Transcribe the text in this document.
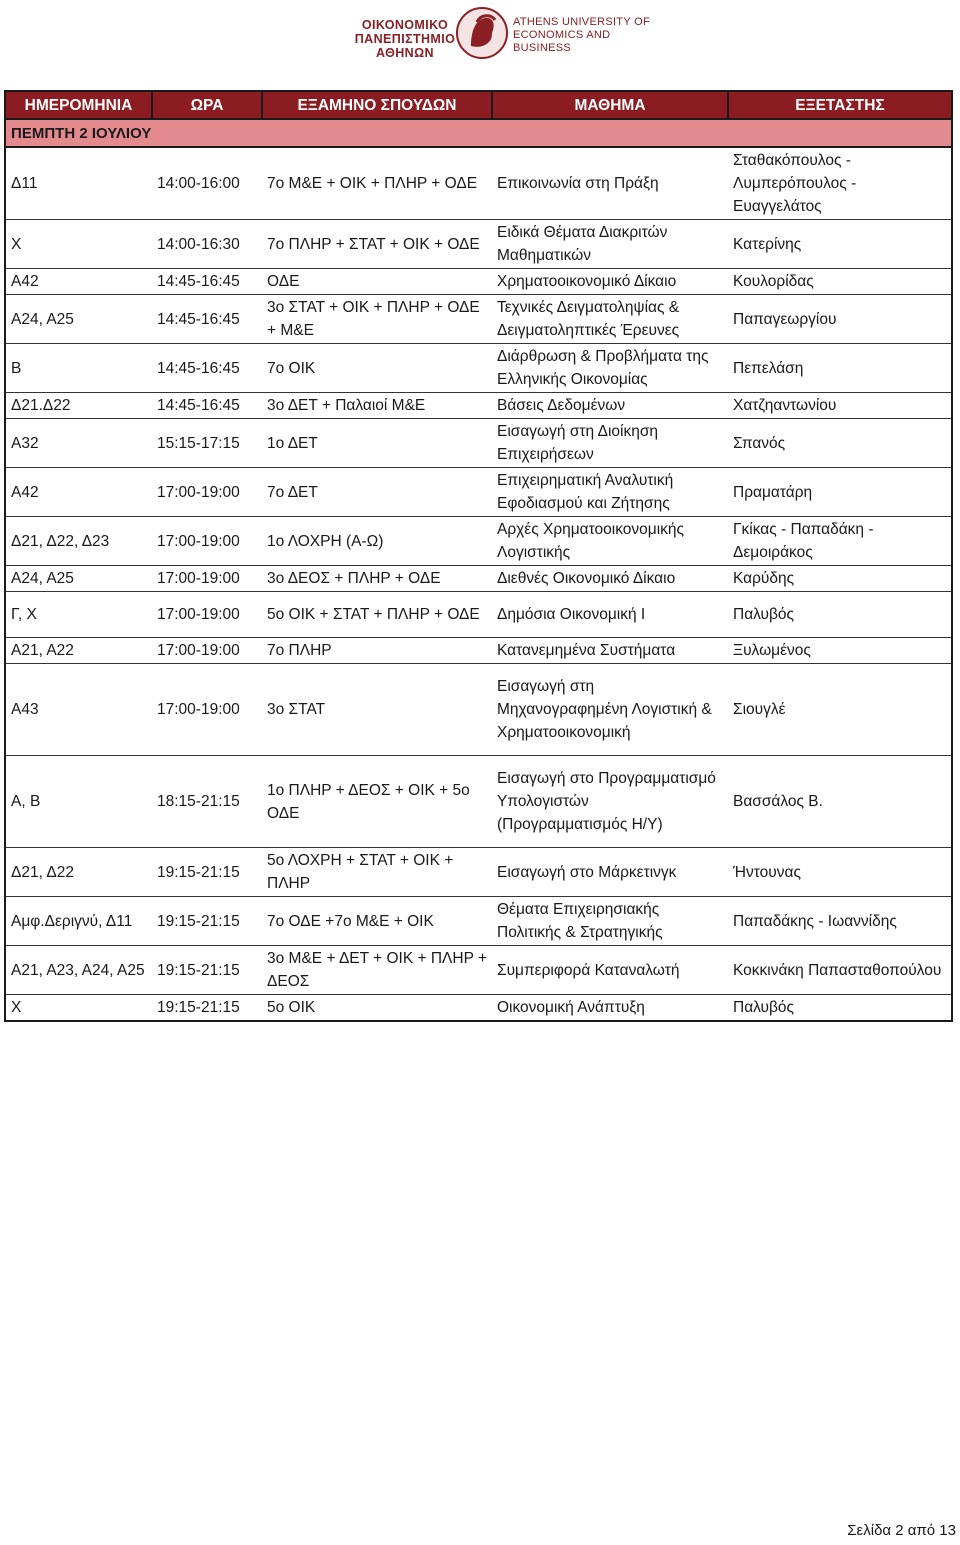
ΟΙΚΟΝΟΜΙΚΟ ΠΑΝΕΠΙΣΤΗΜΙΟ ΑΘΗΝΩΝ
ATHENS UNIVERSITY OF ECONOMICS AND BUSINESS
ΗΜΕΡΟΜΗΝΙΑ	ΩΡΑ	ΕΞΑΜΗΝΟ ΣΠΟΥΔΩΝ	ΜΑΘΗΜΑ	ΕΞΕΤΑΣΤΗΣ
ΠΕΜΠΤΗ 2 ΙΟΥΛΙΟΥ				
Δ11	14:00-16:00	7ο Μ&Ε + ΟΙΚ + ΠΛΗΡ + ΟΔΕ	Επικοινωνία στη Πράξη	Σταθακόπουλος - Λυμπερόπουλος - Ευαγγελάτος
Χ	14:00-16:30	7ο ΠΛΗΡ + ΣΤΑΤ + ΟΙΚ + ΟΔΕ	Ειδικά Θέματα Διακριτών Μαθηματικών	Κατερίνης
Α42	14:45-16:45	ΟΔΕ	Χρηματοοικονομικό Δίκαιο	Κουλορίδας
Α24, Α25	14:45-16:45	3ο ΣΤΑΤ + ΟΙΚ + ΠΛΗΡ + ΟΔΕ + Μ&Ε	Τεχνικές Δειγματοληψίας & Δειγματοληπτικές Έρευνες	Παπαγεωργίου
Β	14:45-16:45	7ο ΟΙΚ	Διάρθρωση & Προβλήματα της Ελληνικής Οικονομίας	Πεπελάση
Δ21.Δ22	14:45-16:45	3ο ΔΕΤ + Παλαιοί Μ&Ε	Βάσεις Δεδομένων	Χατζηαντωνίου
Α32	15:15-17:15	1ο ΔΕΤ	Εισαγωγή στη Διοίκηση Επιχειρήσεων	Σπανός
Α42	17:00-19:00	7ο ΔΕΤ	Επιχειρηματική Αναλυτική Εφοδιασμού και Ζήτησης	Πραματάρη
Δ21, Δ22, Δ23	17:00-19:00	1ο ΛΟΧΡΗ (Α-Ω)	Αρχές Χρηματοοικονομικής Λογιστικής	Γκίκας - Παπαδάκη - Δεμοιράκος
Α24, Α25	17:00-19:00	3ο ΔΕΟΣ + ΠΛΗΡ + ΟΔΕ	Διεθνές Οικονομικό Δίκαιο	Καρύδης
Γ, Χ	17:00-19:00	5ο ΟΙΚ + ΣΤΑΤ + ΠΛΗΡ + ΟΔΕ	Δημόσια Οικονομική Ι	Παλυβός
Α21, Α22	17:00-19:00	7ο ΠΛΗΡ	Κατανεμημένα Συστήματα	Ξυλωμένος
Α43	17:00-19:00	3ο ΣΤΑΤ	Εισαγωγή στη Μηχανογραφημένη Λογιστική & Χρηματοοικονομική	Σιουγλέ
Α, Β	18:15-21:15	1ο ΠΛΗΡ + ΔΕΟΣ + ΟΙΚ + 5ο ΟΔΕ	Εισαγωγή στο Προγραμματισμό Υπολογιστών (Προγραμματισμός Η/Υ)	Βασσάλος Β.
Δ21, Δ22	19:15-21:15	5ο ΛΟΧΡΗ + ΣΤΑΤ + ΟΙΚ + ΠΛΗΡ	Εισαγωγή στο Μάρκετινγκ	Ήντουνας
Αμφ.Δεριγνύ, Δ11	19:15-21:15	7ο ΟΔΕ +7ο Μ&Ε + ΟΙΚ	Θέματα Επιχειρησιακής Πολιτικής & Στρατηγικής	Παπαδάκης - Ιωαννίδης
Α21, Α23, Α24, Α25	19:15-21:15	3ο Μ&Ε + ΔΕΤ + ΟΙΚ + ΠΛΗΡ + ΔΕΟΣ	Συμπεριφορά Καταναλωτή	Κοκκινάκη Παπασταθοπούλου
Χ	19:15-21:15	5ο ΟΙΚ	Οικονομική Ανάπτυξη	Παλυβός
Σελίδα 2 από 13
